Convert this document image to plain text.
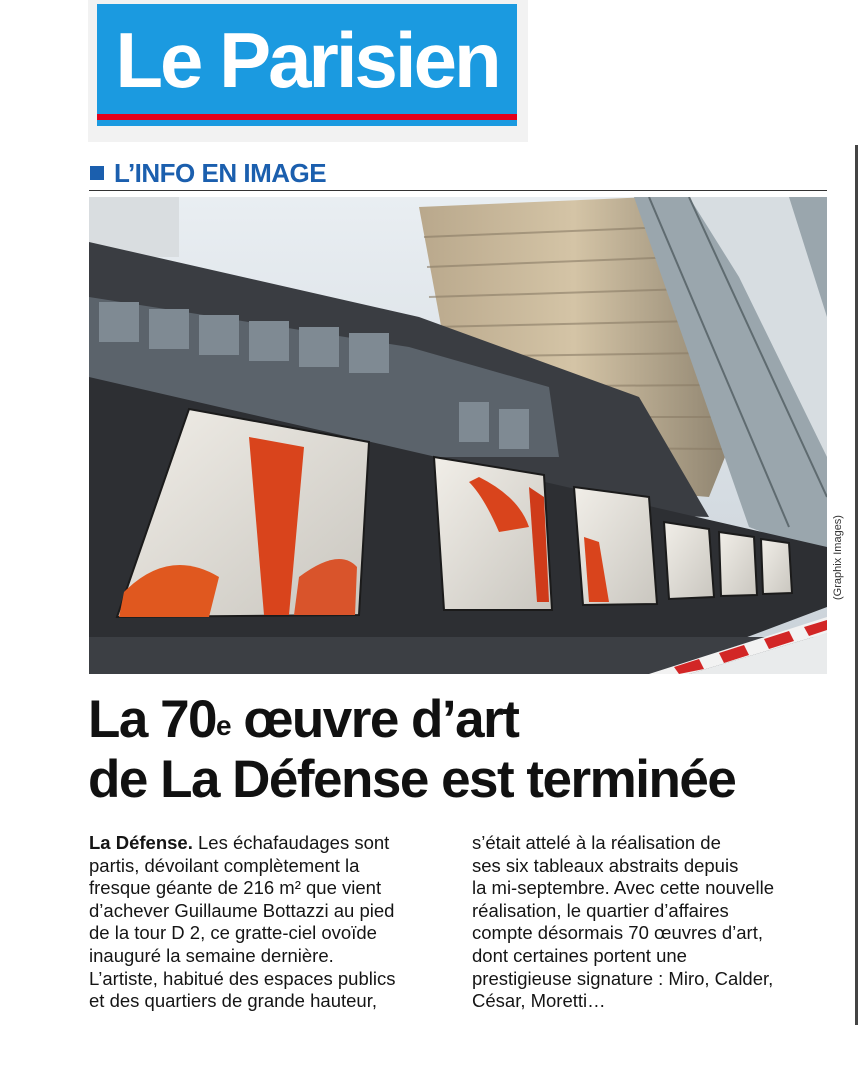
Le Parisien
L’INFO EN IMAGE
(Graphix Images)
La 70e œuvre d’art
de La Défense est terminée
La Défense. Les échafaudages sont
partis, dévoilant complètement la
fresque géante de 216 m² que vient
d’achever Guillaume Bottazzi au pied
de la tour D 2, ce gratte-ciel ovoïde
inauguré la semaine dernière.
L’artiste, habitué des espaces publics
et des quartiers de grande hauteur,
s’était attelé à la réalisation de
ses six tableaux abstraits depuis
la mi-septembre. Avec cette nouvelle
réalisation, le quartier d’affaires
compte désormais 70 œuvres d’art,
dont certaines portent une
prestigieuse signature : Miro, Calder,
César, Moretti…
